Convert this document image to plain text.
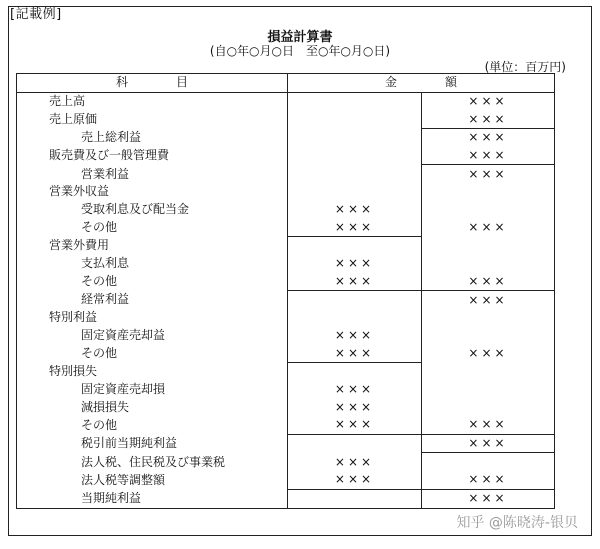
[記載例]
損益計算書
(自○年○月○日　至○年○月○日)
(単位：百万円)
科　　　　目	金　　　　額	
売上高		×××
売上原価		×××
売上総利益		×××
販売費及び一般管理費		×××
営業利益		×××
営業外収益		
受取利息及び配当金	×××	
その他	×××	×××
営業外費用		
支払利息	×××	
その他	×××	×××
経常利益		×××
特別利益		
固定資産売却益	×××	
その他	×××	×××
特別損失		
固定資産売却損	×××	
減損損失	×××	
その他	×××	×××
税引前当期純利益		×××
法人税、住民税及び事業税	×××	
法人税等調整額	×××	×××
当期純利益		×××
知乎 @陈晓涛-银贝
